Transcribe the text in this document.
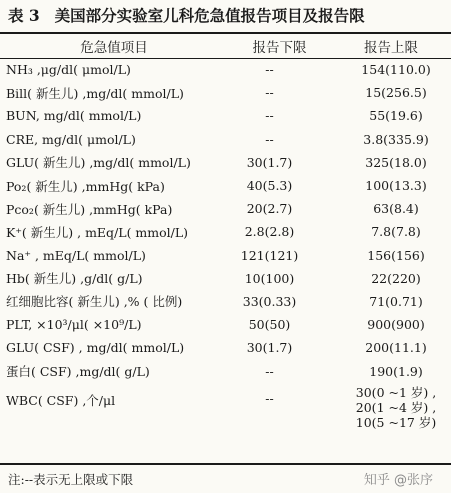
表 3 美国部分实验室儿科危急值报告项目及报告限
危急值项目	报告下限	报告上限
NH₃ ,μg/dl( μmol/L)	--	154(110.0)
Bill( 新生儿) ,mg/dl( mmol/L)	--	15(256.5)
BUN, mg/dl( mmol/L)	--	55(19.6)
CRE, mg/dl( μmol/L)	--	3.8(335.9)
GLU( 新生儿) ,mg/dl( mmol/L)	30(1.7)	325(18.0)
Po₂( 新生儿) ,mmHg( kPa)	40(5.3)	100(13.3)
Pco₂( 新生儿) ,mmHg( kPa)	20(2.7)	63(8.4)
K⁺( 新生儿) , mEq/L( mmol/L)	2.8(2.8)	7.8(7.8)
Na⁺ , mEq/L( mmol/L)	121(121)	156(156)
Hb( 新生儿) ,g/dl( g/L)	10(100)	22(220)
红细胞比容( 新生儿) ,% ( 比例)	33(0.33)	71(0.71)
PLT, ×10³/μl( ×10⁹/L)	50(50)	900(900)
GLU( CSF) , mg/dl( mmol/L)	30(1.7)	200(11.1)
蛋白( CSF) ,mg/dl( g/L)	--	190(1.9)
WBC( CSF) ,个/μl	--	30(0 ~1 岁) ,
20(1 ~4 岁) ,
10(5 ~17 岁)
注:--表示无上限或下限	知乎 @张序
